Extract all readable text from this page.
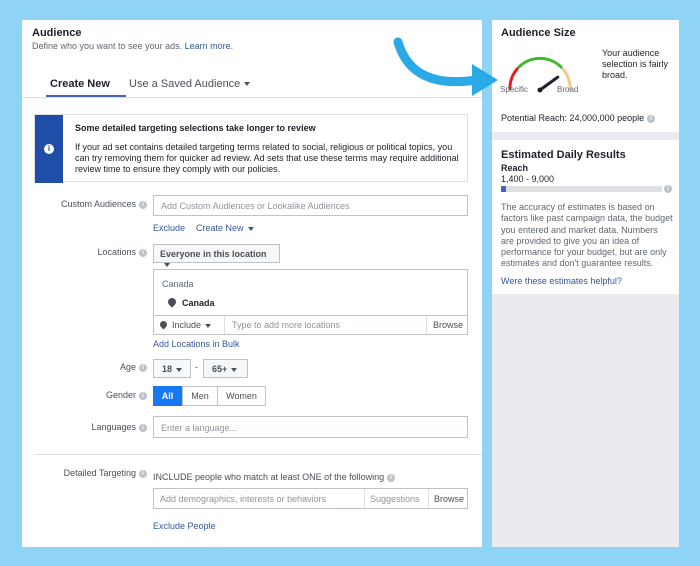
Audience
Define who you want to see your ads. Learn more.
Create New Use a Saved Audience
i
Some detailed targeting selections take longer to review
If your ad set contains detailed targeting terms related to social, religious or political topics, you can try removing them for quicker ad review. Ad sets that use these terms may require additional review time to ensure they comply with our policies.
Custom Audiences i	Add Custom Audiences or Lookalike Audiences
Exclude Create New
Locations i	Everyone in this location
Canada
Canada
Include	Type to add more locations	Browse
Add Locations in Bulk
Age i	18	-	65+
Gender i	All	Men	Women
Languages i	Enter a language...
Detailed Targeting i	INCLUDE people who match at least ONE of the following i
Add demographics, interests or behaviors	Suggestions Browse
Exclude People
Audience Size
Specific	Broad
Your audience selection is fairly broad.
Potential Reach: 24,000,000 people i
Estimated Daily Results
Reach
1,400 - 9,000
i
The accuracy of estimates is based on factors like past campaign data, the budget you entered and market data. Numbers are provided to give you an idea of performance for your budget, but are only estimates and don't guarantee results.
Were these estimates helpful?
